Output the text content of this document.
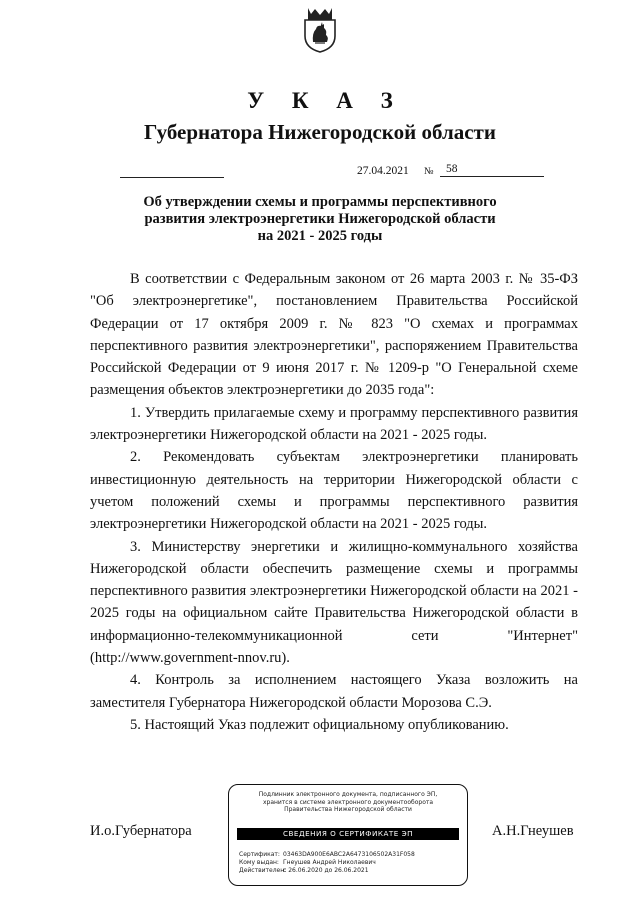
У К А З
Губернатора Нижегородской области
27.04.2021 №	58
Об утверждении схемы и программы перспективного
развития электроэнергетики Нижегородской области
на 2021 - 2025 годы

В соответствии с Федеральным законом от 26 марта 2003 г. № 35-ФЗ "Об электроэнергетике", постановлением Правительства Российской Федерации от 17 октября 2009 г. № 823 "О схемах и программах перспективного развития электроэнергетики", распоряжением Правительства Российской Федерации от 9 июня 2017 г. № 1209-р "О Генеральной схеме размещения объектов электроэнергетики до 2035 года":

1. Утвердить прилагаемые схему и программу перспективного развития электроэнергетики Нижегородской области на 2021 - 2025 годы.

2. Рекомендовать субъектам электроэнергетики планировать инвестиционную деятельность на территории Нижегородской области с учетом положений схемы и программы перспективного развития электроэнергетики Нижегородской области на 2021 - 2025 годы.

3. Министерству энергетики и жилищно-коммунального хозяйства Нижегородской области обеспечить размещение схемы и программы перспективного развития электроэнергетики Нижегородской области на 2021 - 2025 годы на официальном сайте Правительства Нижегородской области в информационно-телекоммуникационной сети "Интернет" (http://www.government-nnov.ru).

4. Контроль за исполнением настоящего Указа возложить на заместителя Губернатора Нижегородской области Морозова С.Э.

5. Настоящий Указ подлежит официальному опубликованию.

И.о.Губернатора	А.Н.Гнеушев
Подлинник электронного документа, подписанного ЭП,
хранится в системе электронного документооборота
Правительства Нижегородской области
СВЕДЕНИЯ О СЕРТИФИКАТЕ ЭП
Сертификат: 03463DA900E6ABC2A6473106502A31F058
Кому выдан: Гнеушев Андрей Николаевич
Действителен:с 26.06.2020 до 26.06.2021
